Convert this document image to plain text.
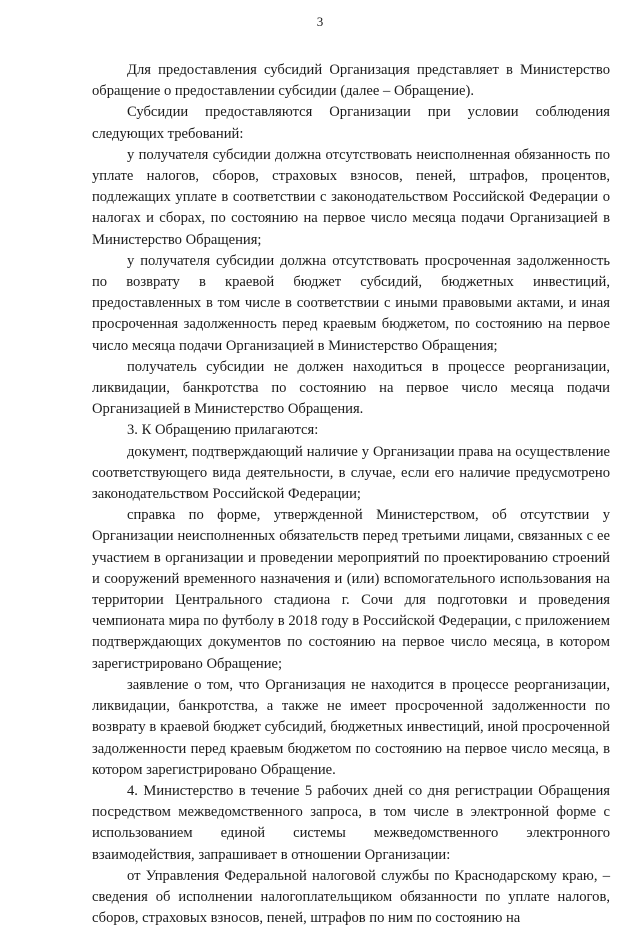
3

Для предоставления субсидий Организация представляет в Министерство обращение о предоставлении субсидии (далее – Обращение).

Субсидии предоставляются Организации при условии соблюдения следующих требований:

у получателя субсидии должна отсутствовать неисполненная обязанность по уплате налогов, сборов, страховых взносов, пеней, штрафов, процентов, подлежащих уплате в соответствии с законодательством Российской Федерации о налогах и сборах, по состоянию на первое число месяца подачи Организацией в Министерство Обращения;

у получателя субсидии должна отсутствовать просроченная задолженность по возврату в краевой бюджет субсидий, бюджетных инвестиций, предоставленных в том числе в соответствии с иными правовыми актами, и иная просроченная задолженность перед краевым бюджетом, по состоянию на первое число месяца подачи Организацией в Министерство Обращения;

получатель субсидии не должен находиться в процессе реорганизации, ликвидации, банкротства по состоянию на первое число месяца подачи Организацией в Министерство Обращения.

3. К Обращению прилагаются:

документ, подтверждающий наличие у Организации права на осуществление соответствующего вида деятельности, в случае, если его наличие предусмотрено законодательством Российской Федерации;

справка по форме, утвержденной Министерством, об отсутствии у Организации неисполненных обязательств перед третьими лицами, связанных с ее участием в организации и проведении мероприятий по проектированию строений и сооружений временного назначения и (или) вспомогательного использования на территории Центрального стадиона г. Сочи для подготовки и проведения чемпионата мира по футболу в 2018 году в Российской Федерации, с приложением подтверждающих документов по состоянию на первое число месяца, в котором зарегистрировано Обращение;

заявление о том, что Организация не находится в процессе реорганизации, ликвидации, банкротства, а также не имеет просроченной задолженности по возврату в краевой бюджет субсидий, бюджетных инвестиций, иной просроченной задолженности перед краевым бюджетом по состоянию на первое число месяца, в котором зарегистрировано Обращение.

4. Министерство в течение 5 рабочих дней со дня регистрации Обращения посредством межведомственного запроса, в том числе в электронной форме с использованием единой системы межведомственного электронного взаимодействия, запрашивает в отношении Организации:

от Управления Федеральной налоговой службы по Краснодарскому краю, – сведения об исполнении налогоплательщиком обязанности по уплате налогов, сборов, страховых взносов, пеней, штрафов по ним по состоянию на
